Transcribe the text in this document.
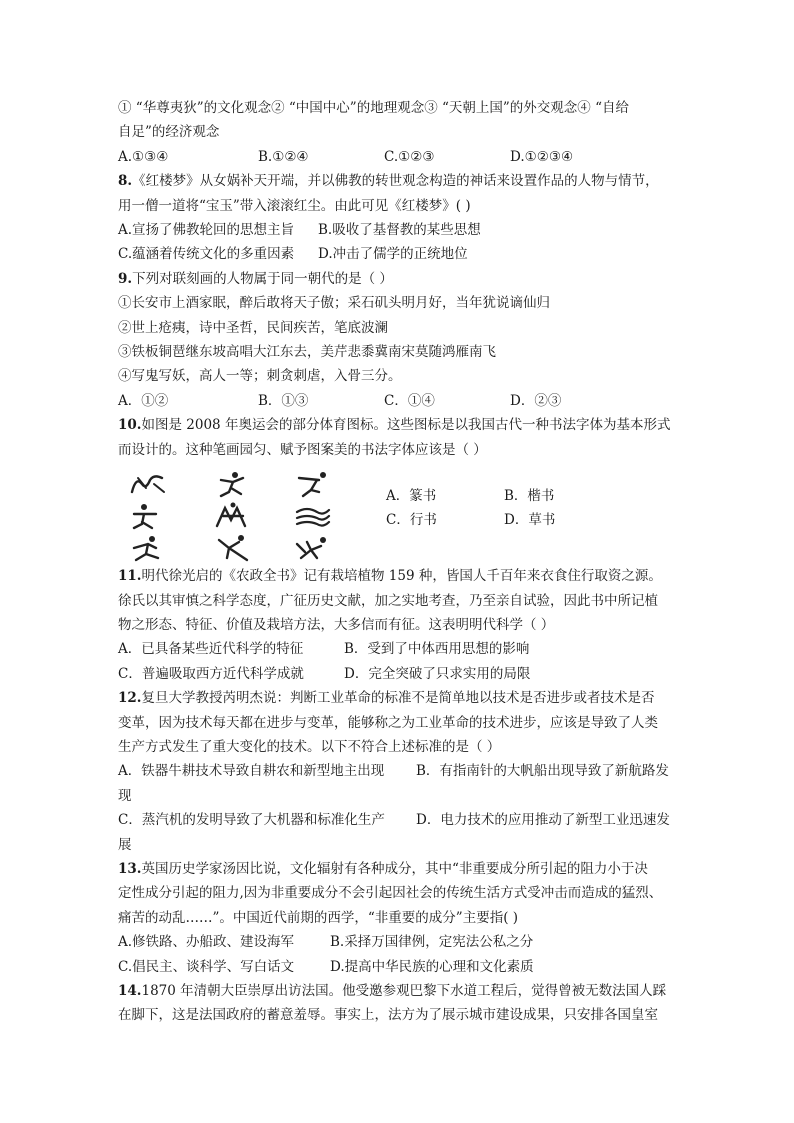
① “华尊夷狄”的文化观念② “中国中心”的地理观念③ “天朝上国”的外交观念④ “自给
自足”的经济观念
A.①③④	B.①②④	C.①②③	D.①②③④
8.《红楼梦》从女娲补天开端，并以佛教的转世观念构造的神话来设置作品的人物与情节，
用一僧一道将“宝玉”带入滚滚红尘。由此可见《红楼梦》( )
A.宣扬了佛教轮回的思想主旨	B.吸收了基督教的某些思想
C.蕴涵着传统文化的多重因素	D.冲击了儒学的正统地位
9.下列对联刻画的人物属于同一朝代的是（ ）
①长安市上酒家眠，醉后敢将天子傲；采石矶头明月好，当年犹说谪仙归
②世上疮痍，诗中圣哲，民间疾苦，笔底波澜
③铁板铜琶继东坡高唱大江东去，美芹悲黍冀南宋莫随鸿雁南飞
④写鬼写妖，高人一等；刺贪刺虐，入骨三分。
A．①②	B．①③	C．①④	D．②③
10.如图是 2008 年奥运会的部分体育图标。这些图标是以我国古代一种书法字体为基本形式
而设计的。这种笔画园匀、赋予图案美的书法字体应该是（ ）
A．篆书	B．楷书
C．行书	D．草书
11.明代徐光启的《农政全书》记有栽培植物 159 种，皆国人千百年来衣食住行取资之源。
徐氏以其审慎之科学态度，广征历史文献，加之实地考查，乃至亲自试验，因此书中所记植
物之形态、特征、价值及栽培方法，大多信而有征。这表明明代科学（ ）
A．已具备某些近代科学的特征	B．受到了中体西用思想的影响
C．普遍吸取西方近代科学成就	D．完全突破了只求实用的局限
12.复旦大学教授芮明杰说：判断工业革命的标准不是简单地以技术是否进步或者技术是否
变革，因为技术每天都在进步与变革，能够称之为工业革命的技术进步，应该是导致了人类
生产方式发生了重大变化的技术。以下不符合上述标准的是（ ）
A．铁器牛耕技术导致自耕农和新型地主出现	B．有指南针的大帆船出现导致了新航路发
现
C．蒸汽机的发明导致了大机器和标准化生产	D．电力技术的应用推动了新型工业迅速发
展
13.英国历史学家汤因比说，文化辐射有各种成分，其中“非重要成分所引起的阻力小于决
定性成分引起的阻力,因为非重要成分不会引起因社会的传统生活方式受冲击而造成的猛烈、
痛苦的动乱……”。中国近代前期的西学，“非重要的成分”主要指( )
A.修铁路、办船政、建设海军	B.采择万国律例，定宪法公私之分
C.倡民主、谈科学、写白话文	D.提高中华民族的心理和文化素质
14.1870 年清朝大臣崇厚出访法国。他受邀参观巴黎下水道工程后，觉得曾被无数法国人踩
在脚下，这是法国政府的蓄意羞辱。事实上，法方为了展示城市建设成果，只安排各国皇室
